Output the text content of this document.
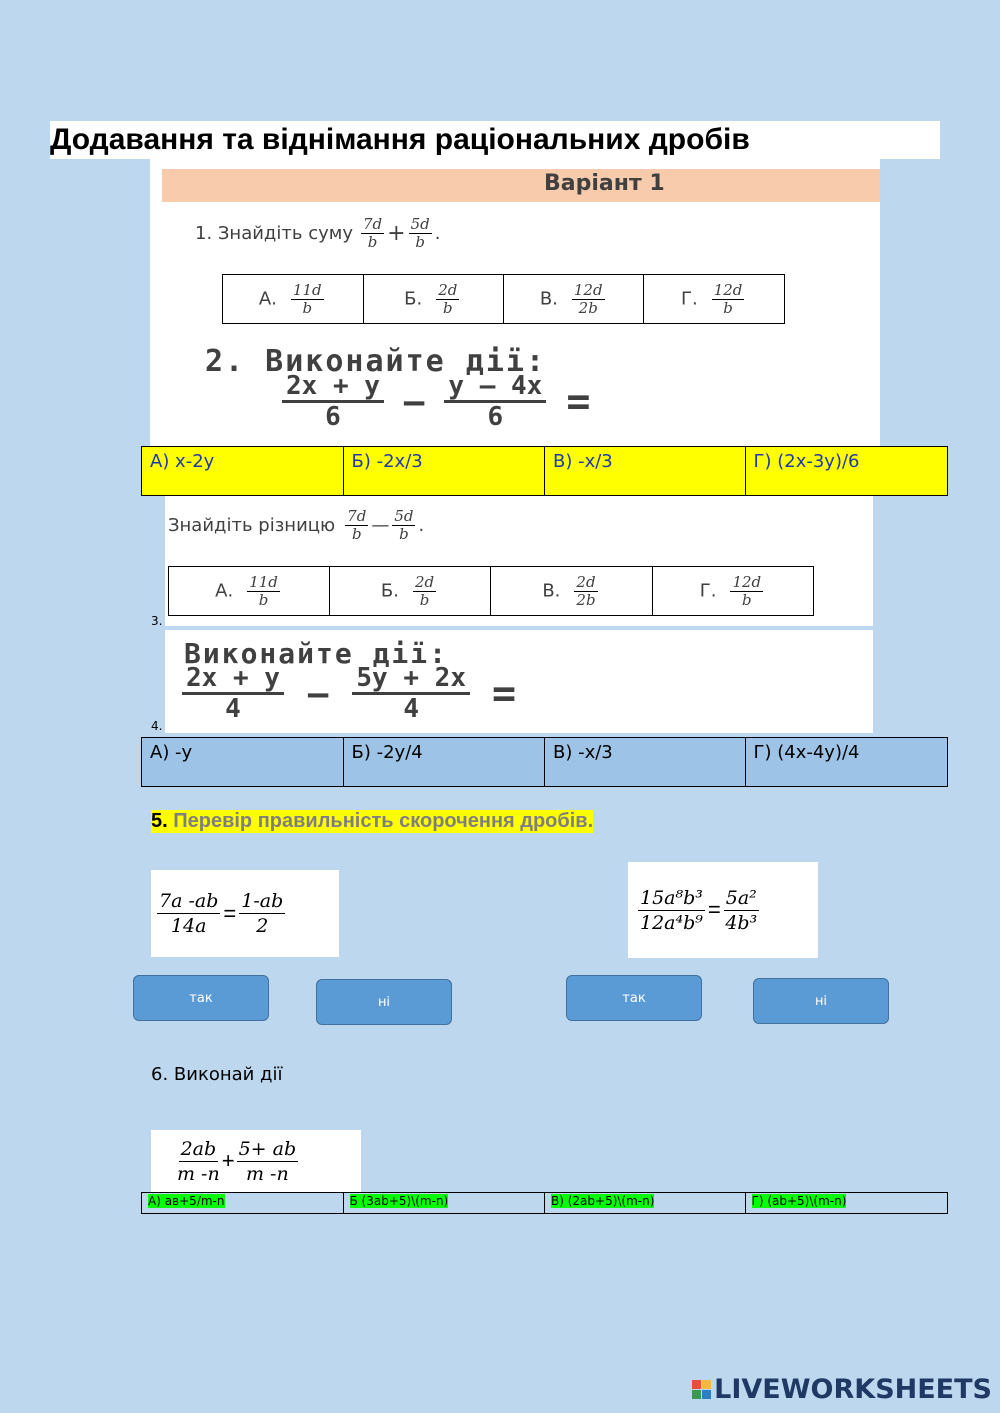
Додавання та віднімання раціональних дробів
Варіант 1
1. Знайдіть суму $\frac{7d}{b} + \frac{5d}{b}$ .
А. $\frac{11d}{b}$	Б. $\frac{2d}{b}$	В. $\frac{12d}{2b}$	Г. $\frac{12d}{b}$
2. Виконайте дії:
$\frac{2x + y}{6}$ — $\frac{y — 4x}{6}$ =
А) x-2y	Б) -2x/3	В) -x/3	Г) (2x-3y)/6
Знайдіть різницю $\frac{7d}{b}$ — $\frac{5d}{b}$ .
А. $\frac{11d}{b}$	Б. $\frac{2d}{b}$	В. $\frac{2d}{2b}$	Г. $\frac{12d}{b}$
3.
Виконайте дії:
$\frac{2x + y}{4}$ — $\frac{5y + 2x}{4}$ =
4.
А) -y	Б) -2y/4	В) -x/3	Г) (4x-4y)/4
5. Перевір правильність скорочення дробів.
$\frac{7a -ab}{14a} = \frac{1-ab}{2}$	$\frac{\text{15a⁸b³}}{\text{12a⁴b⁹}} = \frac{\text{5a²}}{\text{4b³}}$
так	ні	так	ні
6. Виконай дії
$\frac{2ab}{m -n} + \frac{5+ ab}{m -n}$
А) ав+5/m-n	Б (3ab+5)\(m-n)	В) (2ab+5)\(m-n)	Г) (ab+5)\(m-n)
LIVEWORKSHEETS
